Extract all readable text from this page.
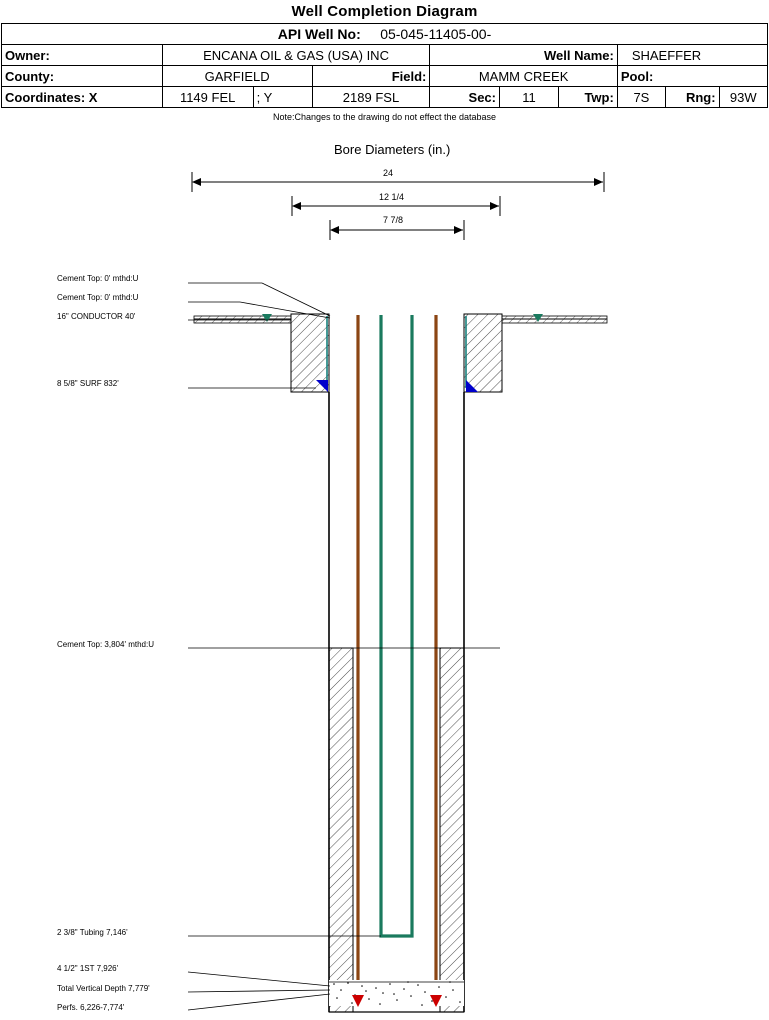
Well Completion Diagram
API Well No: 05-045-11405-00-									
Owner:	ENCANA OIL & GAS (USA) INC			Well Name:			SHAEFFER		
County:	GARFIELD		Field:	MAMM CREEK			Pool:		
Coordinates: X	1149 FEL	; Y	2189 FSL	Sec:	11	Twp:	7S	Rng:	93W
Note:Changes to the drawing do not effect the database
Bore Diameters (in.)
24
12 1/4
7 7/8
Cement Top: 0' mthd:U
Cement Top: 0' mthd:U
16" CONDUCTOR 40'
8 5/8" SURF 832'
Cement Top: 3,804' mthd:U
2 3/8" Tubing 7,146'
4 1/2" 1ST 7,926'
Total Vertical Depth 7,779'
Perfs. 6,226-7,774'
